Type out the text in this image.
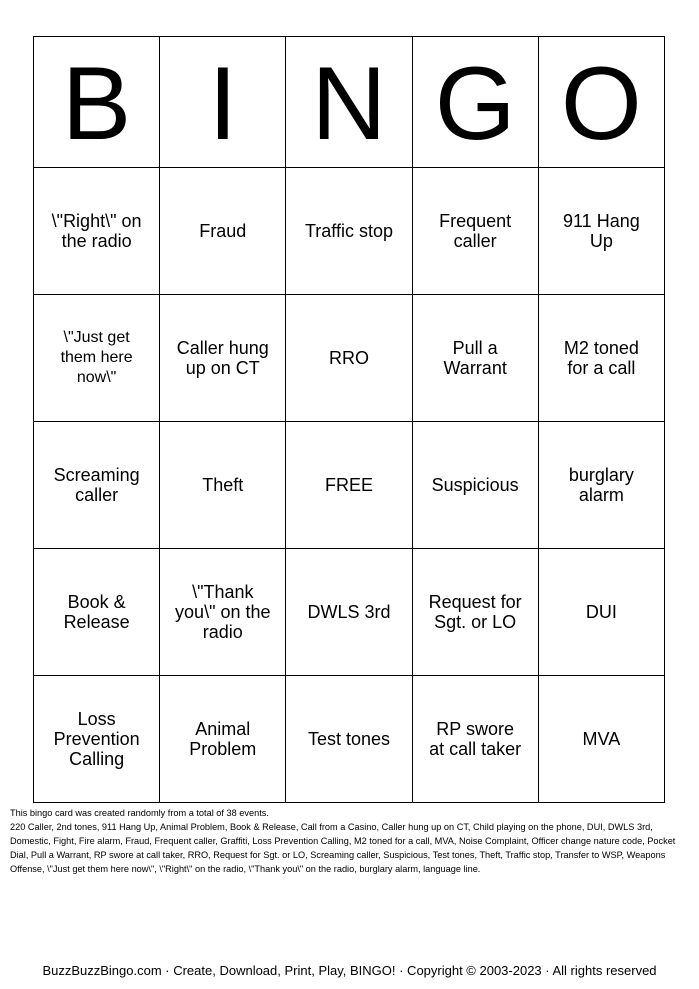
B	I	N	G	O
\"Right\" on the radio	Fraud	Traffic stop	Frequent caller	911 Hang Up
\"Just get them here now\"	Caller hung up on CT	RRO	Pull a Warrant	M2 toned for a call
Screaming caller	Theft	FREE	Suspicious	burglary alarm
Book & Release	\"Thank you\" on the radio	DWLS 3rd	Request for Sgt. or LO	DUI
Loss Prevention Calling	Animal Problem	Test tones	RP swore at call taker	MVA

This bingo card was created randomly from a total of 38 events.

220 Caller, 2nd tones, 911 Hang Up, Animal Problem, Book & Release, Call from a Casino, Caller hung up on CT, Child playing on the phone, DUI, DWLS 3rd, Domestic, Fight, Fire alarm, Fraud, Frequent caller, Graffiti, Loss Prevention Calling, M2 toned for a call, MVA, Noise Complaint, Officer change nature code, Pocket Dial, Pull a Warrant, RP swore at call taker, RRO, Request for Sgt. or LO, Screaming caller, Suspicious, Test tones, Theft, Traffic stop, Transfer to WSP, Weapons Offense, \"Just get them here now\", \"Right\" on the radio, \"Thank you\" on the radio, burglary alarm, language line.

BuzzBuzzBingo.com · Create, Download, Print, Play, BINGO! · Copyright © 2003-2023 · All rights reserved
